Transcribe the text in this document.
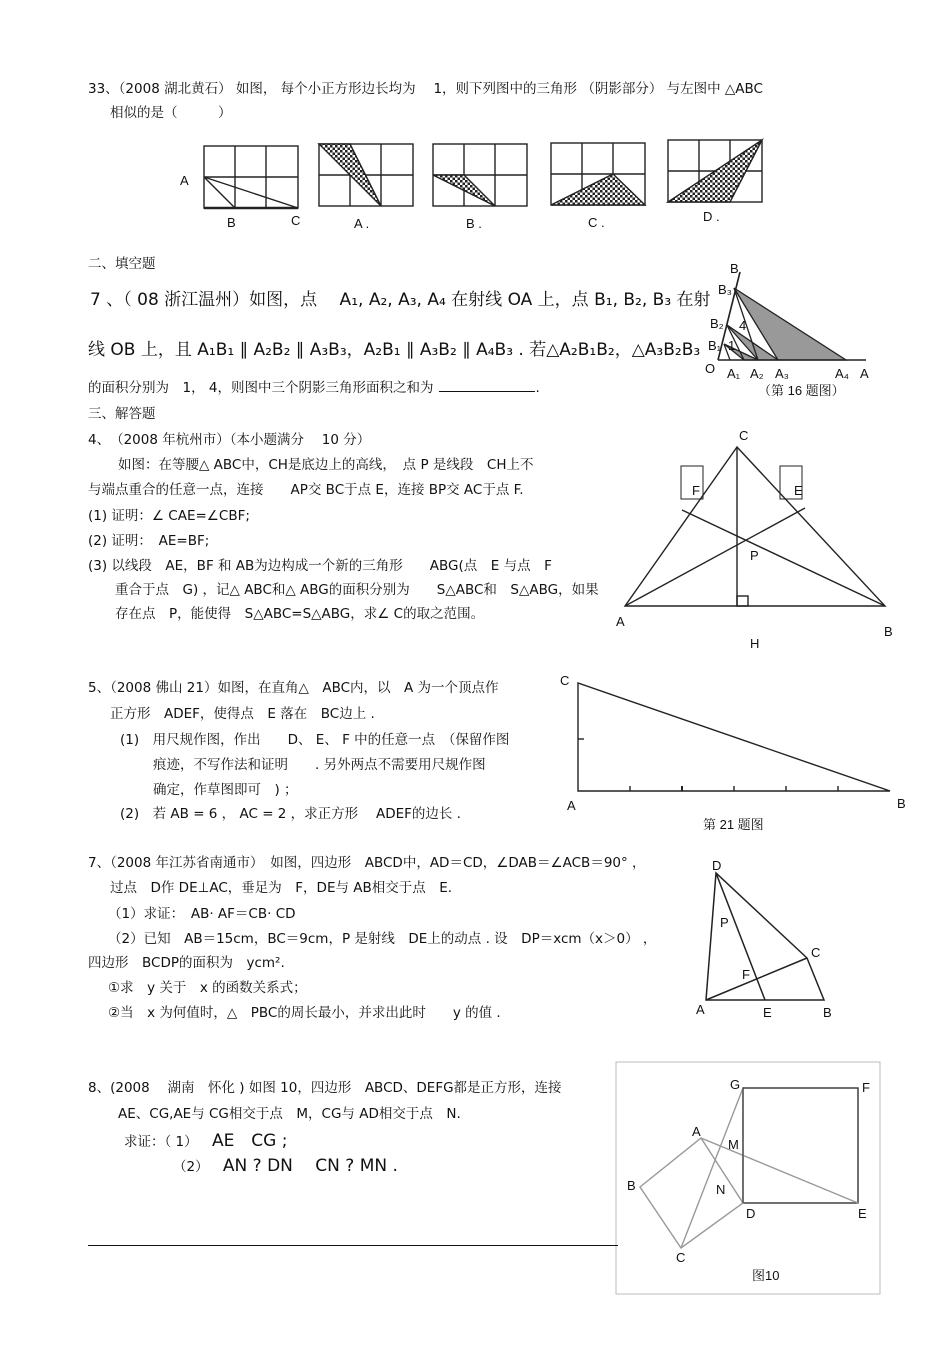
33、（2008 湖北黄石） 如图， 每个小正方形边长均为　 1，则下列图中的三角形 （阴影部分） 与左图中 △ABC
相似的是（　　　）
A
B	C	A .	B .	C .	D .
二、填空题
7 、（ 08 浙江温州）如图，点　 A₁, A₂, A₃, A₄ 在射线 OA 上，点 B₁, B₂, B₃ 在射
线 OB 上，且 A₁B₁ ∥ A₂B₂ ∥ A₃B₃，A₂B₁ ∥ A₃B₂ ∥ A₄B₃ . 若△A₂B₁B₂，△A₃B₂B₃
的面积分别为　1， 4，则图中三个阴影三角形面积之和为	.
B
B₃
B₂ 4
B₁ 1
O A₁ A₂ A₃	A₄ A
（第 16 题图）
三、解答题
4、　（2008 年杭州市）（本小题满分　 10 分）
如图：在等腰△ ABC中，CH是底边上的高线，　点 P 是线段　CH上不
与端点重合的任意一点，连接　　AP交 BC于点 E，连接 BP交 AC于点 F.
(1) 证明：∠ CAE=∠CBF;
(2) 证明：　AE=BF;
(3) 以线段　AE，BF 和 AB为边构成一个新的三角形　　ABG(点　E 与点　F
重合于点　G) ，记△ ABC和△ ABG的面积分别为　　S△ABC和　S△ABG，如果
存在点　P，能使得　S△ABC=S△ABG，求∠ C的取之范围。
C
F	E
P
A
B
H
5、（2008 佛山 21）如图，在直角△　ABC内，以　A 为一个顶点作
正方形　ADEF，使得点　E 落在　BC边上 .
(1)　用尺规作图，作出　　D、 E、 F 中的任意一点　（保留作图
痕迹，不写作法和证明　　. 另外两点不需要用尺规作图
确定，作草图即可　) ；
(2)　若 AB = 6 ， AC = 2 ，求正方形　 ADEF的边长 .
C
A	B
第 21 题图
7、（2008 年江苏省南通市）　如图，四边形　ABCD中，AD＝CD，∠DAB＝∠ACB＝90° ，
过点　D作 DE⊥AC，垂足为　F，DE与 AB相交于点　E.
（1）求证：　AB· AF＝CB· CD
（2）已知　AB＝15cm，BC＝9cm，P 是射线　DE上的动点 . 设　DP＝xcm（x＞0） ，
四边形　BCDP的面积为　ycm².
①求　y 关于　x 的函数关系式；
②当　x 为何值时，△　PBC的周长最小，并求出此时　　y 的值 .
D
P
C
F
A	E	B
8、(2008 　湖南　怀化 ) 如图 10，四边形　ABCD、DEFG都是正方形，连接
AE、CG,AE与 CG相交于点　M，CG与 AD相交于点　N.
求证：（ 1） AE　CG ;
（2） AN ? DN　 CN ? MN .
G	F
A
M
B	N
D	E
C
图10
